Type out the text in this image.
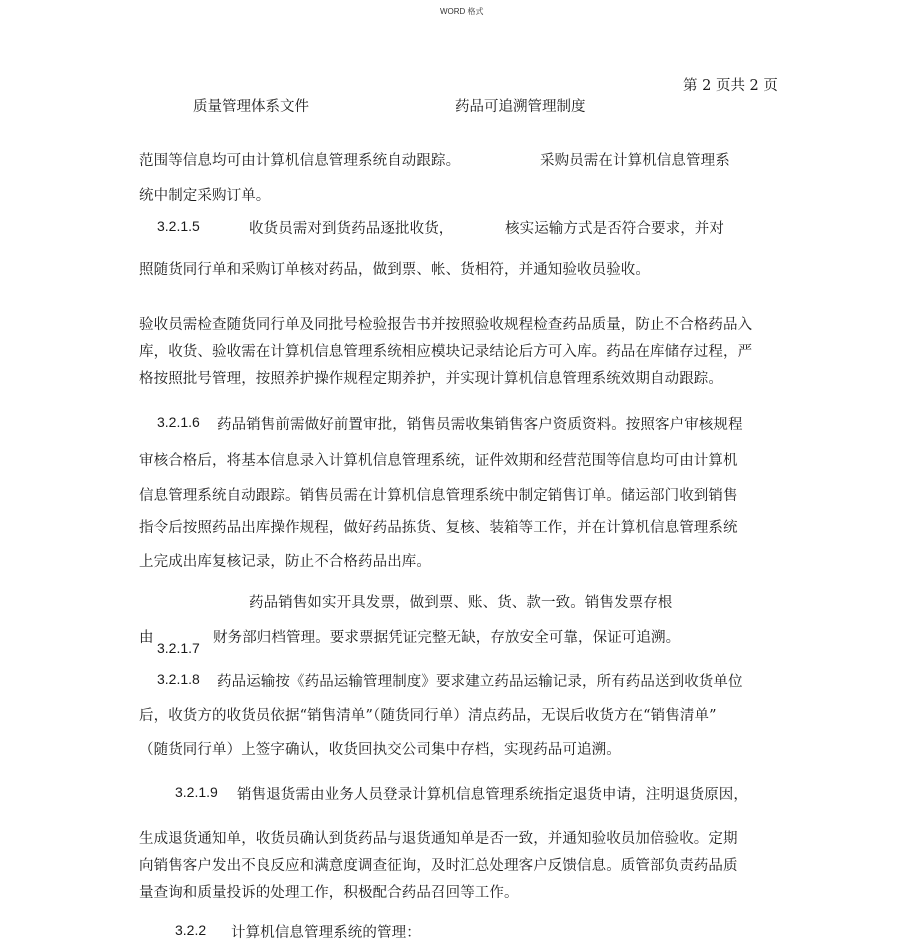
WORD 格式
第 2 页共 2 页
质量管理体系文件	药品可追溯管理制度
范围等信息均可由计算机信息管理系统自动跟踪。	采购员需在计算机信息管理系
统中制定采购订单。
3.2.1.5	收货员需对到货药品逐批收货，	核实运输方式是否符合要求，并对
照随货同行单和采购订单核对药品，做到票、帐、货相符，并通知验收员验收。
验收员需检查随货同行单及同批号检验报告书并按照验收规程检查药品质量，防止不合格药品入
库，收货、验收需在计算机信息管理系统相应模块记录结论后方可入库。药品在库储存过程，严
格按照批号管理，按照养护操作规程定期养护，并实现计算机信息管理系统效期自动跟踪。
3.2.1.6 药品销售前需做好前置审批，销售员需收集销售客户资质资料。按照客户审核规程
审核合格后，将基本信息录入计算机信息管理系统，证件效期和经营范围等信息均可由计算机
信息管理系统自动跟踪。销售员需在计算机信息管理系统中制定销售订单。储运部门收到销售
指令后按照药品出库操作规程，做好药品拣货、复核、装箱等工作，并在计算机信息管理系统
上完成出库复核记录，防止不合格药品出库。
药品销售如实开具发票，做到票、账、货、款一致。销售发票存根
由	财务部归档管理。要求票据凭证完整无缺，存放安全可靠，保证可追溯。
3.2.1.7
3.2.1.8 药品运输按《药品运输管理制度》要求建立药品运输记录，所有药品送到收货单位
后，收货方的收货员依据“销售清单”（随货同行单）清点药品，无误后收货方在“销售清单”
（随货同行单）上签字确认，收货回执交公司集中存档，实现药品可追溯。
3.2.1.9 销售退货需由业务人员登录计算机信息管理系统指定退货申请，注明退货原因，
生成退货通知单，收货员确认到货药品与退货通知单是否一致，并通知验收员加倍验收。定期
向销售客户发出不良反应和满意度调查征询，及时汇总处理客户反馈信息。质管部负责药品质
量查询和质量投诉的处理工作，积极配合药品召回等工作。
3.2.2 计算机信息管理系统的管理：
